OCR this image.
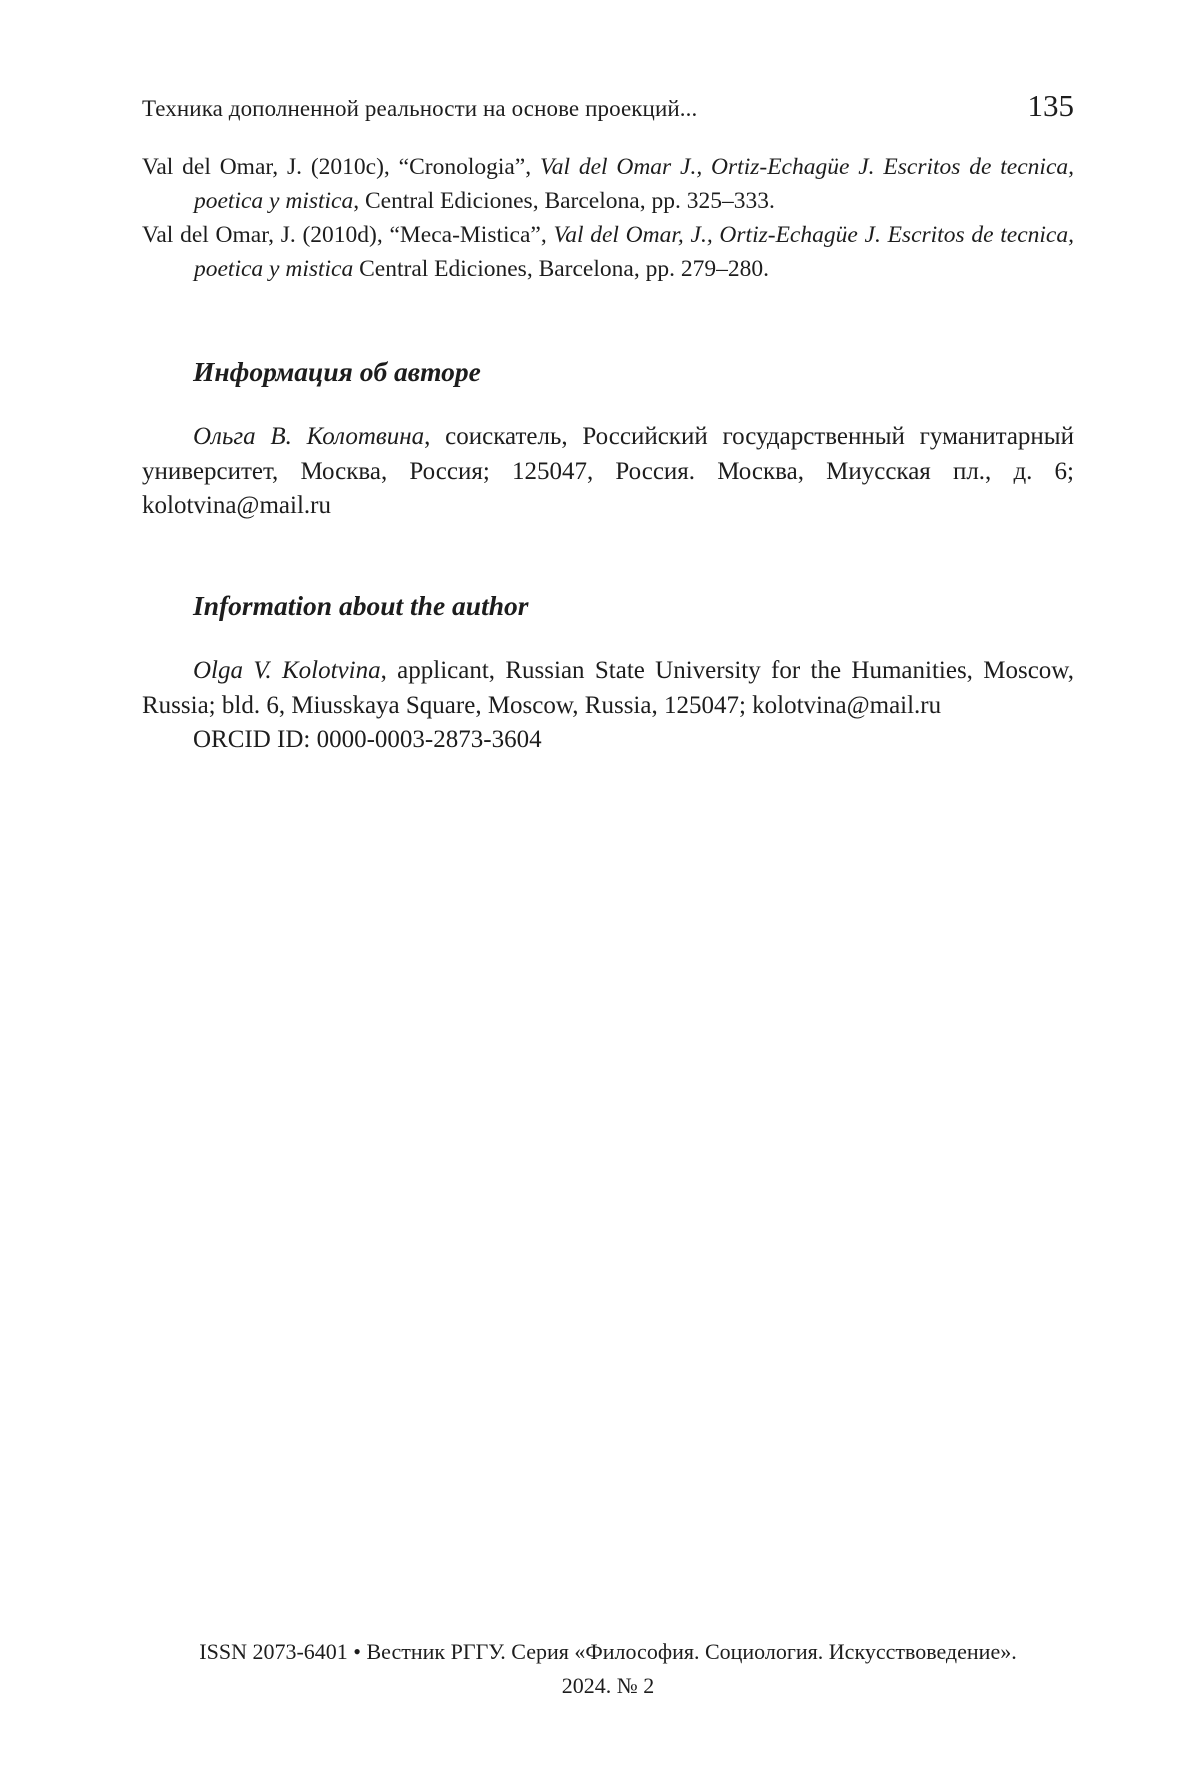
Техника дополненной реальности на основе проекций...	135

Val del Omar, J. (2010c), “Cronologia”, Val del Omar J., Ortiz-Echagüe J. Escritos de tecnica, poetica y mistica, Central Ediciones, Barcelona, pp. 325–333.

Val del Omar, J. (2010d), “Meca-Mistica”, Val del Omar, J., Ortiz-Echagüe J. Escritos de tecnica, poetica y mistica Central Ediciones, Barcelona, pp. 279–280.

Информация об авторе

Ольга В. Колотвина, соискатель, Российский государственный гуманитарный университет, Москва, Россия; 125047, Россия. Москва, Миусская пл., д. 6; kolotvina@mail.ru

Information about the author

Olga V. Kolotvina, applicant, Russian State University for the Humanities, Moscow, Russia; bld. 6, Miusskaya Square, Moscow, Russia, 125047; kolotvina@mail.ru

ORCID ID: 0000-0003-2873-3604

ISSN 2073-6401 • Вестник РГГУ. Серия «Философия. Социология. Искусствоведение».
2024. № 2
